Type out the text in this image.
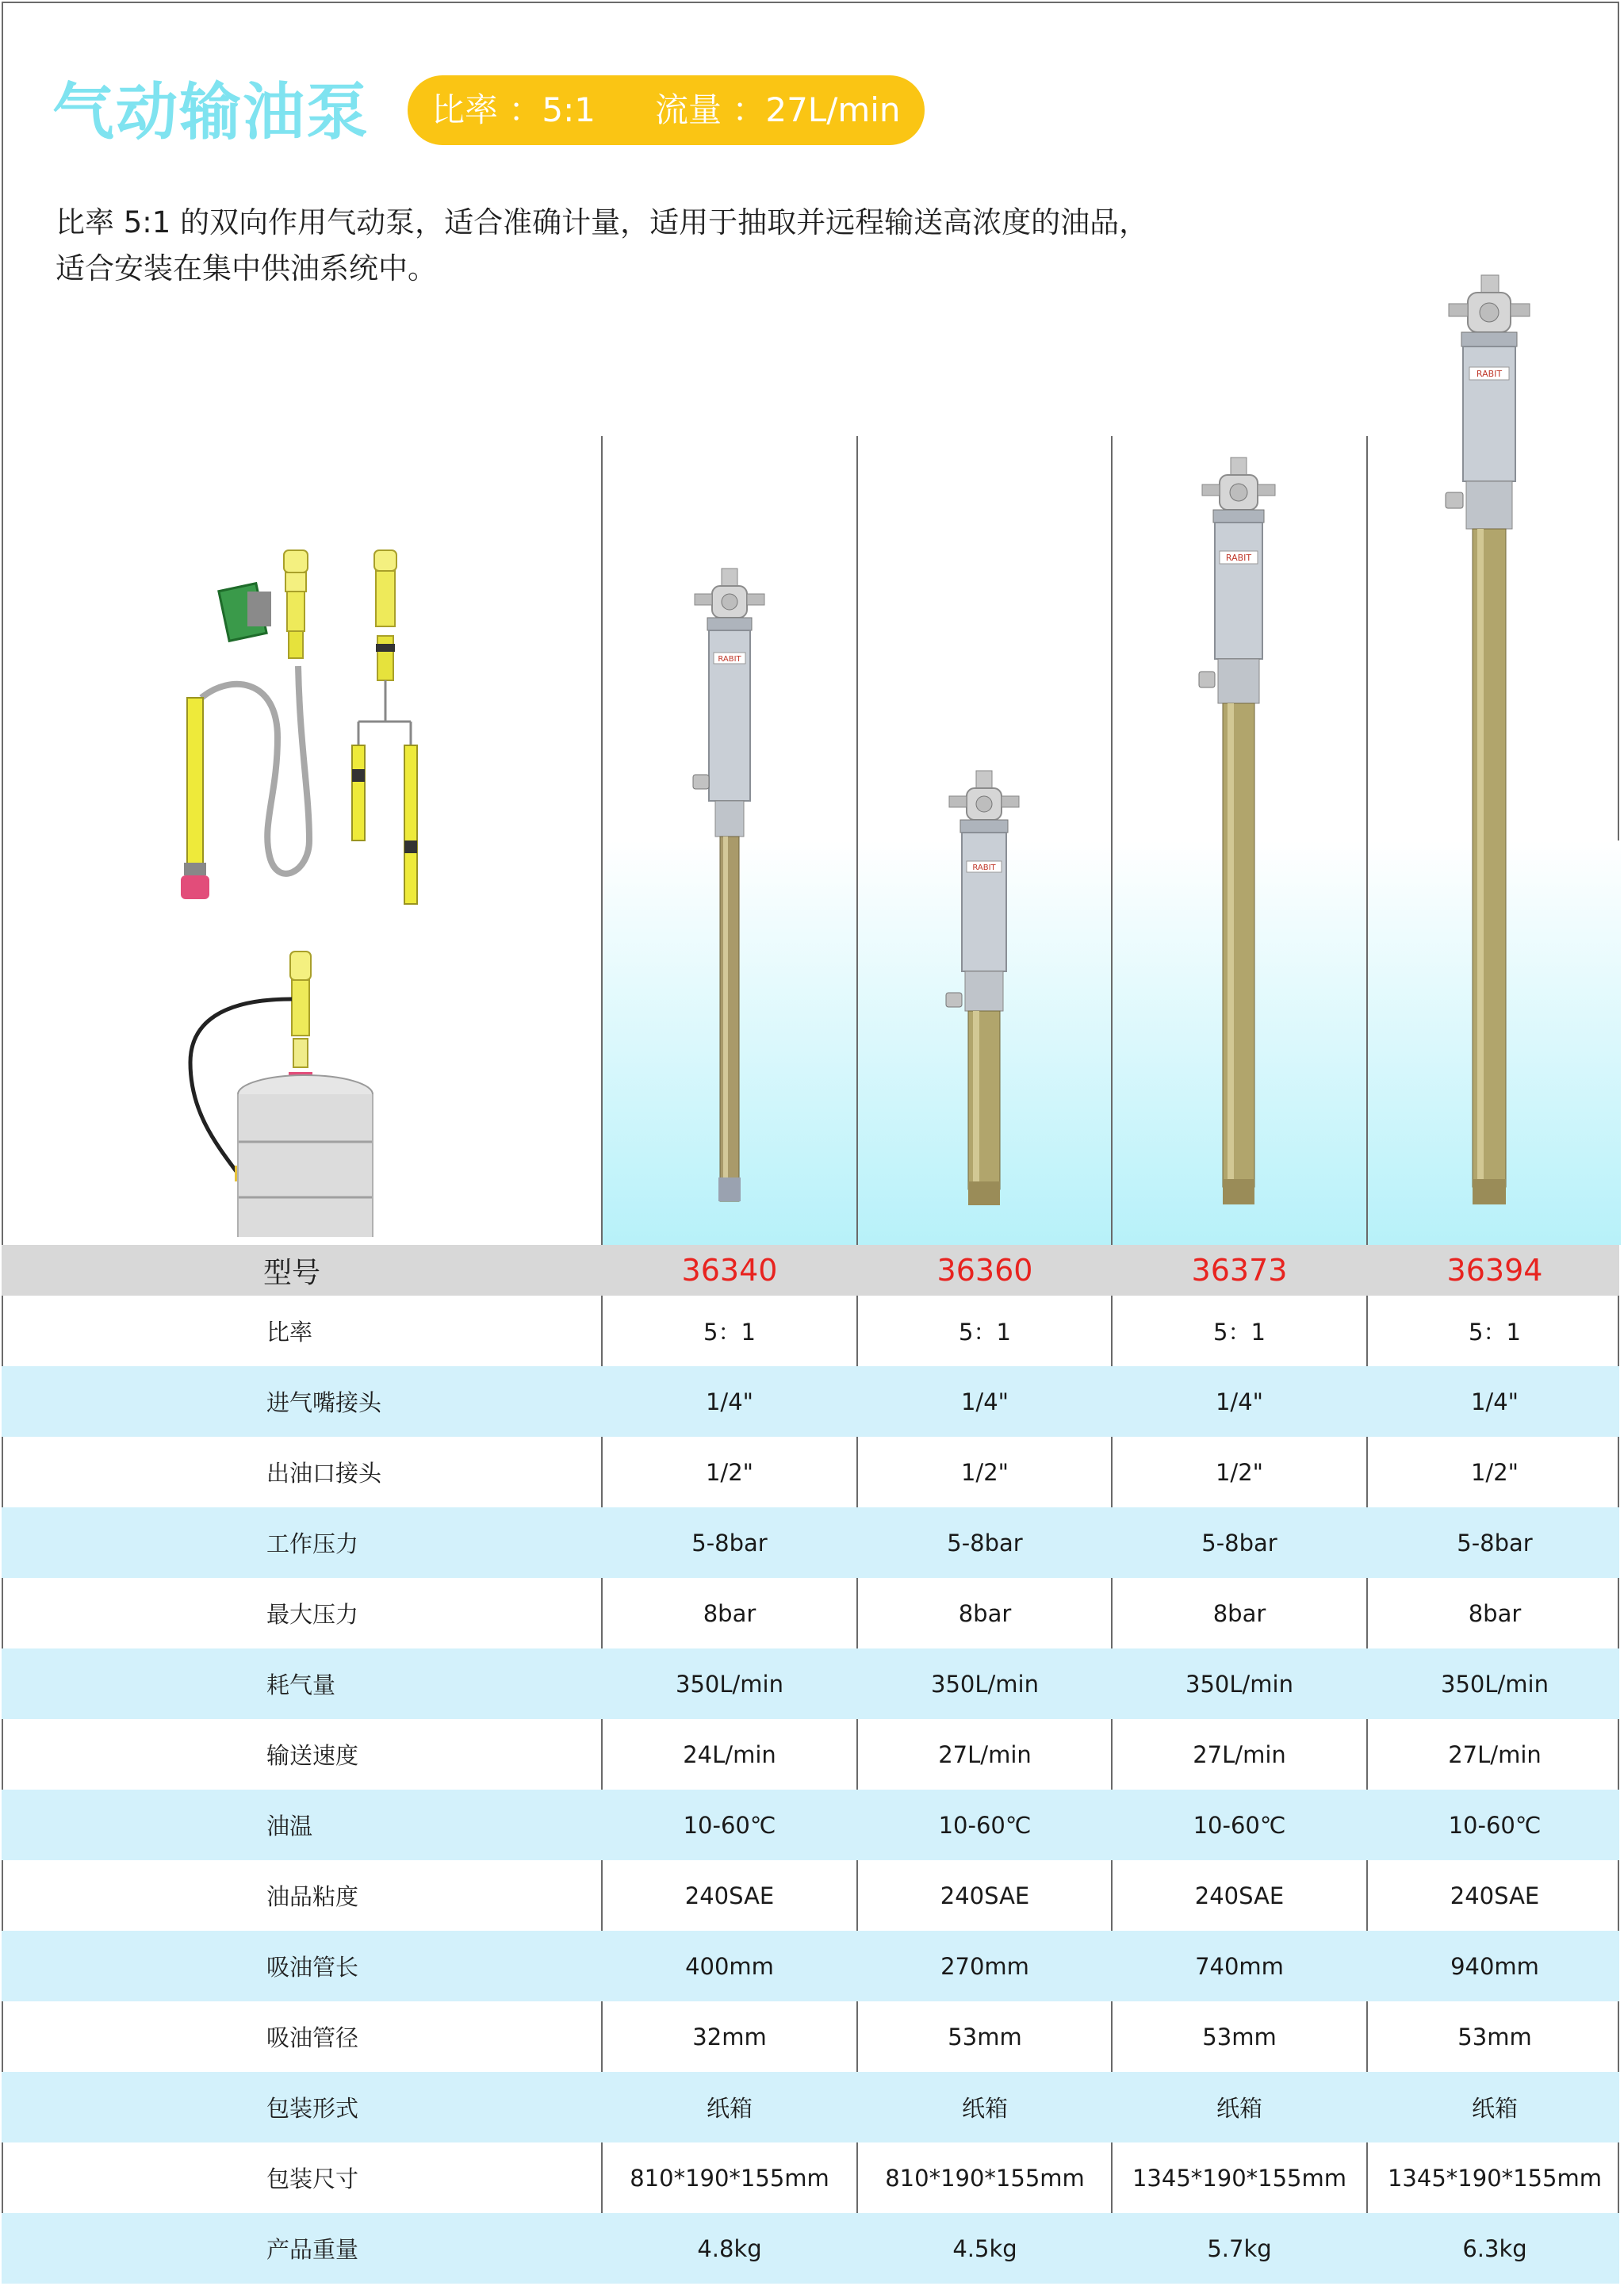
气动输油泵 比率 ：5:1 流量 ：27L/min
比率 5:1 的双向作用气动泵，适合准确计量，适用于抽取并远程输送高浓度的油品，
适合安装在集中供油系统中。
RABIT
RABIT
RABIT
RABIT
型号	36340	36360	36373	36394
比率	5：1	5：1	5：1	5：1
进气嘴接头	1/4"	1/4"	1/4"	1/4"
出油口接头	1/2"	1/2"	1/2"	1/2"
工作压力	5-8bar	5-8bar	5-8bar	5-8bar
最大压力	8bar	8bar	8bar	8bar
耗气量	350L/min	350L/min	350L/min	350L/min
输送速度	24L/min	27L/min	27L/min	27L/min
油温	10-60℃	10-60℃	10-60℃	10-60℃
油品粘度	240SAE	240SAE	240SAE	240SAE
吸油管长	400mm	270mm	740mm	940mm
吸油管径	32mm	53mm	53mm	53mm
包装形式	纸箱	纸箱	纸箱	纸箱
包装尺寸	810*190*155mm	810*190*155mm	1345*190*155mm	1345*190*155mm
产品重量	4.8kg	4.5kg	5.7kg	6.3kg
